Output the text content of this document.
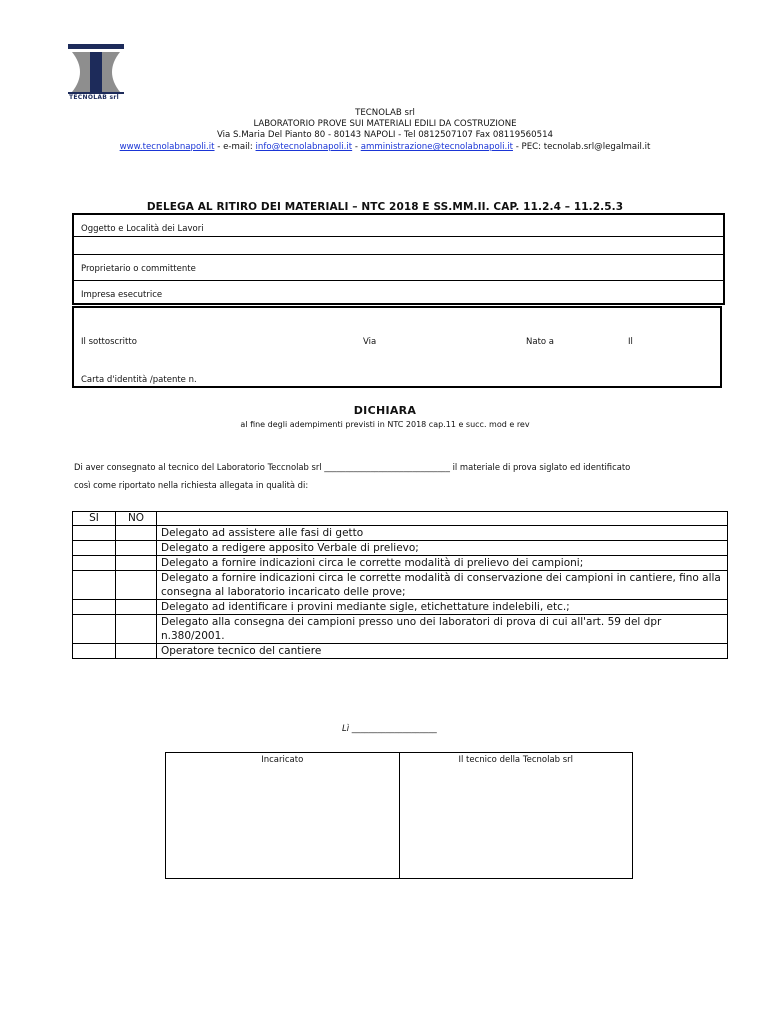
TECNOLAB srl
TECNOLAB srl
LABORATORIO PROVE SUI MATERIALI EDILI DA COSTRUZIONE
Via S.Maria Del Pianto 80 - 80143 NAPOLI - Tel 0812507107 Fax 08119560514
www.tecnolabnapoli.it - e-mail: info@tecnolabnapoli.it - amministrazione@tecnolabnapoli.it - PEC: tecnolab.srl@legalmail.it
DELEGA AL RITIRO DEI MATERIALI – NTC 2018 E SS.MM.II. CAP. 11.2.4 – 11.2.5.3
Oggetto e Località dei Lavori
Proprietario o committente
Impresa esecutrice
Il sottoscritto	Via	Nato a	Il
Carta d'identità /patente n.
DICHIARA
al fine degli adempimenti previsti in NTC 2018 cap.11 e succ. mod e rev
Di aver consegnato al tecnico del Laboratorio Teccnolab srl ______________________________ il materiale di prova siglato ed identificato
così come riportato nella richiesta allegata in qualità di:
SI	NO	
		Delegato ad assistere alle fasi di getto
		Delegato a redigere apposito Verbale di prelievo;
		Delegato a fornire indicazioni circa le corrette modalità di prelievo dei campioni;
		Delegato a fornire indicazioni circa le corrette modalità di conservazione dei campioni in cantiere, fino alla consegna al laboratorio incaricato delle prove;
		Delegato ad identificare i provini mediante sigle, etichettature indelebili, etc.;
		Delegato alla consegna dei campioni presso uno dei laboratori di prova di cui all'art. 59 del dpr n.380/2001.
		Operatore tecnico del cantiere
Lì ____________________
Incaricato	Il tecnico della Tecnolab srl
